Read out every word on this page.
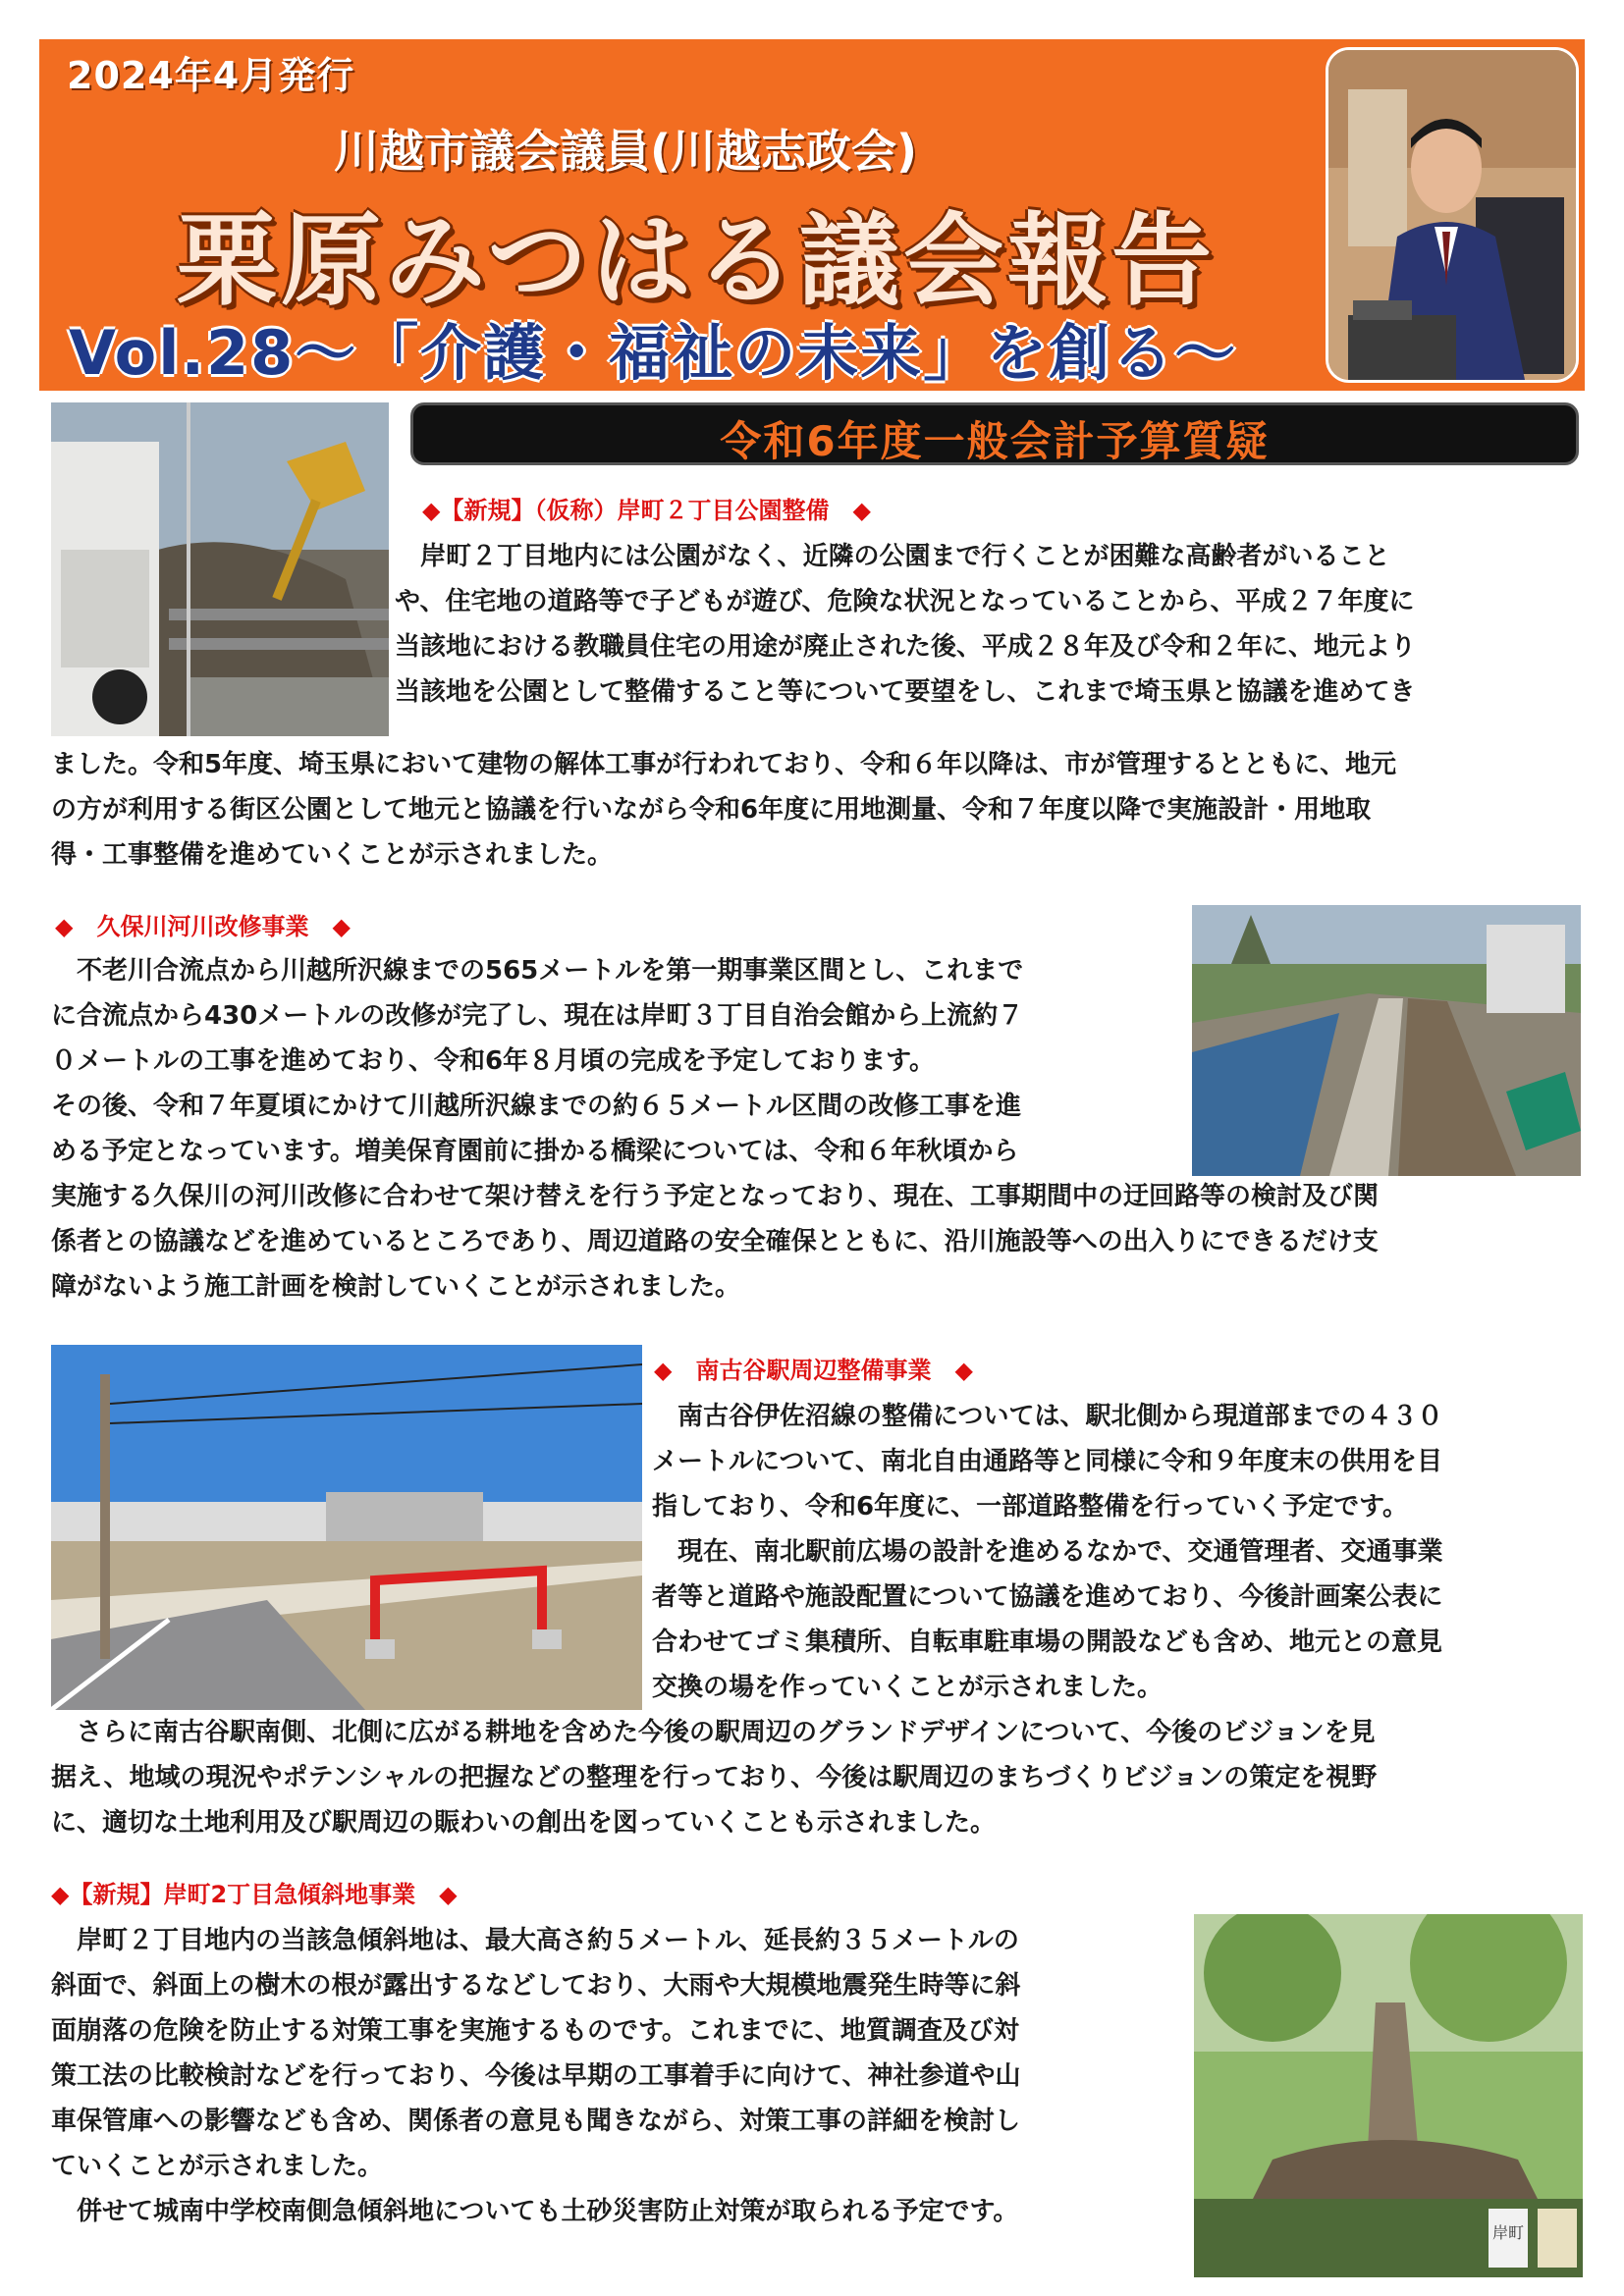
2024年4月発行
川越市議会議員(川越志政会)
栗原みつはる議会報告
Vol.28～「介護・福祉の未来」を創る～
令和6年度一般会計予算質疑
◆【新規】（仮称）岸町２丁目公園整備　◆
　岸町２丁目地内には公園がなく、近隣の公園まで行くことが困難な高齢者がいること
や、住宅地の道路等で子どもが遊び、危険な状況となっていることから、平成２７年度に
当該地における教職員住宅の用途が廃止された後、平成２８年及び令和２年に、地元より
当該地を公園として整備すること等について要望をし、これまで埼玉県と協議を進めてき
ました。令和5年度、埼玉県において建物の解体工事が行われており、令和６年以降は、市が管理するとともに、地元
の方が利用する街区公園として地元と協議を行いながら令和6年度に用地測量、令和７年度以降で実施設計・用地取
得・工事整備を進めていくことが示されました。
◆　久保川河川改修事業　◆
　不老川合流点から川越所沢線までの565メートルを第一期事業区間とし、これまで
に合流点から430メートルの改修が完了し、現在は岸町３丁目自治会館から上流約７
０メートルの工事を進めており、令和6年８月頃の完成を予定しております。
その後、令和７年夏頃にかけて川越所沢線までの約６５メートル区間の改修工事を進
める予定となっています。増美保育園前に掛かる橋梁については、令和６年秋頃から
実施する久保川の河川改修に合わせて架け替えを行う予定となっており、現在、工事期間中の迂回路等の検討及び関
係者との協議などを進めているところであり、周辺道路の安全確保とともに、沿川施設等への出入りにできるだけ支
障がないよう施工計画を検討していくことが示されました。
◆　南古谷駅周辺整備事業　◆
　南古谷伊佐沼線の整備については、駅北側から現道部までの４３０
メートルについて、南北自由通路等と同様に令和９年度末の供用を目
指しており、令和6年度に、一部道路整備を行っていく予定です。
　現在、南北駅前広場の設計を進めるなかで、交通管理者、交通事業
者等と道路や施設配置について協議を進めており、今後計画案公表に
合わせてゴミ集積所、自転車駐車場の開設なども含め、地元との意見
交換の場を作っていくことが示されました。
　さらに南古谷駅南側、北側に広がる耕地を含めた今後の駅周辺のグランドデザインについて、今後のビジョンを見
据え、地域の現況やポテンシャルの把握などの整理を行っており、今後は駅周辺のまちづくりビジョンの策定を視野
に、適切な土地利用及び駅周辺の賑わいの創出を図っていくことも示されました。
◆【新規】岸町2丁目急傾斜地事業　◆
　岸町２丁目地内の当該急傾斜地は、最大高さ約５メートル、延長約３５メートルの
斜面で、斜面上の樹木の根が露出するなどしており、大雨や大規模地震発生時等に斜
面崩落の危険を防止する対策工事を実施するものです。これまでに、地質調査及び対
策工法の比較検討などを行っており、今後は早期の工事着手に向けて、神社参道や山
車保管庫への影響なども含め、関係者の意見も聞きながら、対策工事の詳細を検討し
ていくことが示されました。
　併せて城南中学校南側急傾斜地についても土砂災害防止対策が取られる予定です。
岸町
